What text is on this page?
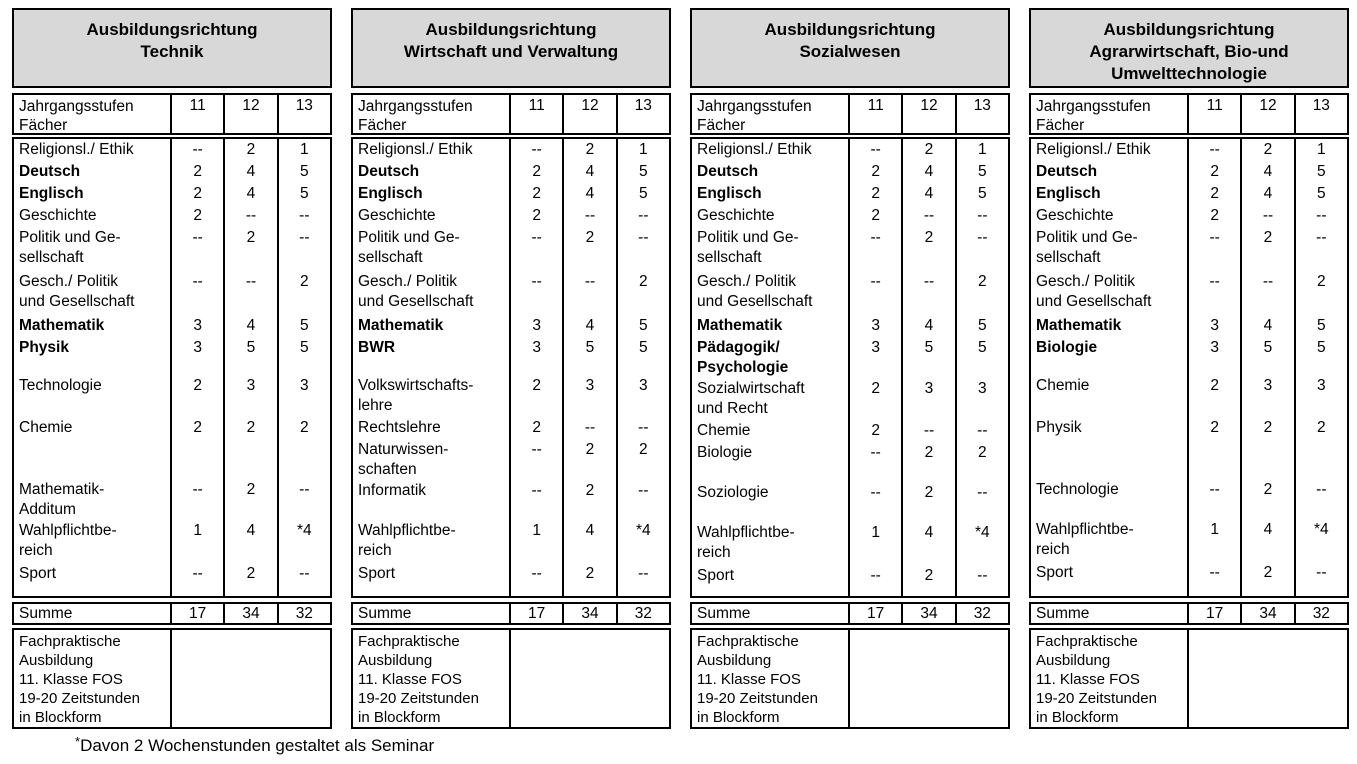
Ausbildungsrichtung
Technik
Jahrgangsstufen
Fächer
11	12	13
Religionsl./ Ethik	--	2	1
Deutsch	2	4	5
Englisch	2	4	5
Geschichte	2	--	--
Politik und Ge-
sellschaft
--	2	--
Gesch./ Politik
und Gesellschaft
--	--	2
Mathematik	3	4	5
Physik	3	5	5
Technologie	2	3	3
Chemie	2	2	2
Mathematik-
Additum
--	2	--
Wahlpflichtbe-
reich
1	4	*4
Sport	--	2	--
Summe	17	34	32
Fachpraktische
Ausbildung
11. Klasse FOS
19-20 Zeitstunden
in Blockform
Ausbildungsrichtung
Wirtschaft und Verwaltung
Jahrgangsstufen
Fächer
11	12	13
Religionsl./ Ethik	--	2	1
Deutsch	2	4	5
Englisch	2	4	5
Geschichte	2	--	--
Politik und Ge-
sellschaft
--	2	--
Gesch./ Politik
und Gesellschaft
--	--	2
Mathematik	3	4	5
BWR	3	5	5
Volkswirtschafts-
lehre
2	3	3
Rechtslehre	2	--	--
Naturwissen-
schaften
--	2	2
Informatik	--	2	--
Wahlpflichtbe-
reich
1	4	*4
Sport	--	2	--
Summe	17	34	32
Fachpraktische
Ausbildung
11. Klasse FOS
19-20 Zeitstunden
in Blockform
Ausbildungsrichtung
Sozialwesen
Jahrgangsstufen
Fächer
11	12	13
Religionsl./ Ethik	--	2	1
Deutsch	2	4	5
Englisch	2	4	5
Geschichte	2	--	--
Politik und Ge-
sellschaft
--	2	--
Gesch./ Politik
und Gesellschaft
--	--	2
Mathematik	3	4	5
Pädagogik/
Psychologie
3	5	5
Sozialwirtschaft
und Recht
2	3	3
Chemie	2	--	--
Biologie	--	2	2
Soziologie	--	2	--
Wahlpflichtbe-
reich
1	4	*4
Sport	--	2	--
Summe	17	34	32
Fachpraktische
Ausbildung
11. Klasse FOS
19-20 Zeitstunden
in Blockform
Ausbildungsrichtung
Agrarwirtschaft, Bio-und
Umwelttechnologie
Jahrgangsstufen
Fächer
11	12	13
Religionsl./ Ethik	--	2	1
Deutsch	2	4	5
Englisch	2	4	5
Geschichte	2	--	--
Politik und Ge-
sellschaft
--	2	--
Gesch./ Politik
und Gesellschaft
--	--	2
Mathematik	3	4	5
Biologie	3	5	5
Chemie	2	3	3
Physik	2	2	2
Technologie	--	2	--
Wahlpflichtbe-
reich
1	4	*4
Sport	--	2	--
Summe	17	34	32
Fachpraktische
Ausbildung
11. Klasse FOS
19-20 Zeitstunden
in Blockform
*Davon 2 Wochenstunden gestaltet als Seminar
